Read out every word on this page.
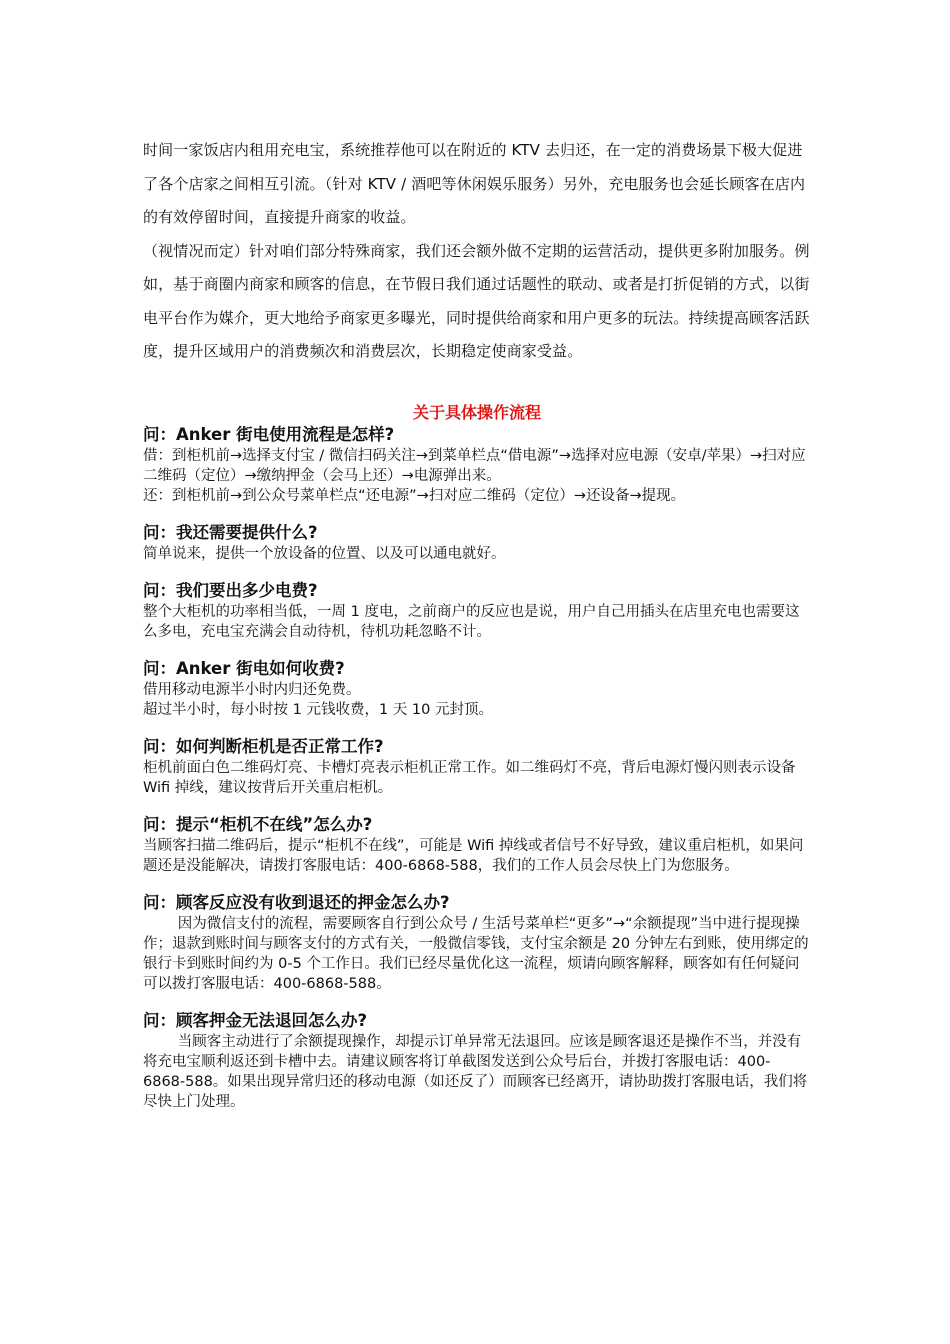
时间一家饭店内租用充电宝，系统推荐他可以在附近的 KTV 去归还，在一定的消费场景下极大促进了各个店家之间相互引流。（针对 KTV / 酒吧等休闲娱乐服务）另外，充电服务也会延长顾客在店内的有效停留时间，直接提升商家的收益。

（视情况而定）针对咱们部分特殊商家，我们还会额外做不定期的运营活动，提供更多附加服务。例如，基于商圈内商家和顾客的信息，在节假日我们通过话题性的联动、或者是打折促销的方式，以街电平台作为媒介，更大地给予商家更多曝光，同时提供给商家和用户更多的玩法。持续提高顾客活跃度，提升区域用户的消费频次和消费层次，长期稳定使商家受益。

关于具体操作流程

问：Anker 街电使用流程是怎样?

借：到柜机前→选择支付宝 / 微信扫码关注→到菜单栏点“借电源”→选择对应电源（安卓/苹果）→扫对应二维码（定位）→缴纳押金（会马上还）→电源弹出来。

还：到柜机前→到公众号菜单栏点“还电源”→扫对应二维码（定位）→还设备→提现。

问：我还需要提供什么?

简单说来，提供一个放设备的位置、以及可以通电就好。

问：我们要出多少电费?

整个大柜机的功率相当低，一周 1 度电，之前商户的反应也是说，用户自己用插头在店里充电也需要这么多电，充电宝充满会自动待机，待机功耗忽略不计。

问：Anker 街电如何收费?

借用移动电源半小时内归还免费。

超过半小时，每小时按 1 元钱收费，1 天 10 元封顶。

问：如何判断柜机是否正常工作?

柜机前面白色二维码灯亮、卡槽灯亮表示柜机正常工作。如二维码灯不亮，背后电源灯慢闪则表示设备 Wifi 掉线，建议按背后开关重启柜机。

问：提示“柜机不在线”怎么办?

当顾客扫描二维码后，提示“柜机不在线”，可能是 Wifi 掉线或者信号不好导致，建议重启柜机，如果问题还是没能解决，请拨打客服电话：400-6868-588，我们的工作人员会尽快上门为您服务。

问：顾客反应没有收到退还的押金怎么办?

因为微信支付的流程，需要顾客自行到公众号 / 生活号菜单栏“更多”→“余额提现”当中进行提现操作；退款到账时间与顾客支付的方式有关，一般微信零钱，支付宝余额是 20 分钟左右到账，使用绑定的银行卡到账时间约为 0-5 个工作日。我们已经尽量优化这一流程，烦请向顾客解释，顾客如有任何疑问可以拨打客服电话：400-6868-588。

问：顾客押金无法退回怎么办?

当顾客主动进行了余额提现操作，却提示订单异常无法退回。应该是顾客退还是操作不当，并没有将充电宝顺利返还到卡槽中去。请建议顾客将订单截图发送到公众号后台，并拨打客服电话：400-6868-588。如果出现异常归还的移动电源（如还反了）而顾客已经离开，请协助拨打客服电话，我们将尽快上门处理。
